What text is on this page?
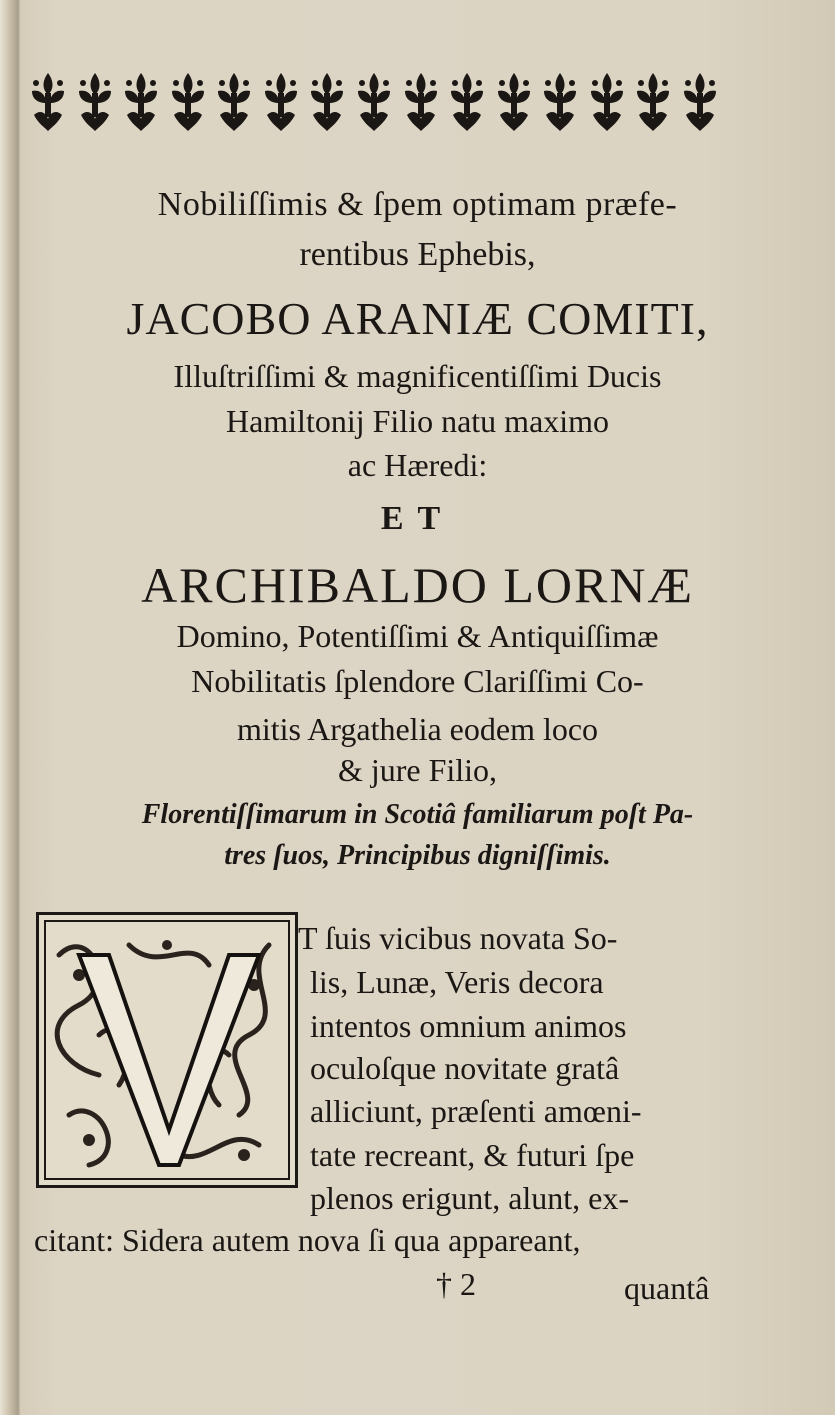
Nobiliſſimis & ſpem optimam præfe-
rentibus Ephebis,
JACOBO ARANIÆ COMITI,
Illuſtriſſimi & magnificentiſſimi Ducis
Hamiltonij Filio natu maximo
ac Hæredi:
ET
ARCHIBALDO LORNÆ
Domino, Potentiſſimi & Antiquiſſimæ
Nobilitatis ſplendore Clariſſimi Co-
mitis Argathelia eodem loco
& jure Filio,
Florentiſſimarum in Scotiâ familiarum poſt Pa-
tres ſuos, Principibus digniſſimis.
V
T ſuis vicibus novata So-
lis, Lunæ, Veris decora
intentos omnium animos
oculoſque novitate gratâ
alliciunt, præſenti amœni-
tate recreant, & futuri ſpe
plenos erigunt, alunt, ex-
citant: Sidera autem nova ſi qua appareant,
† 2	quantâ
